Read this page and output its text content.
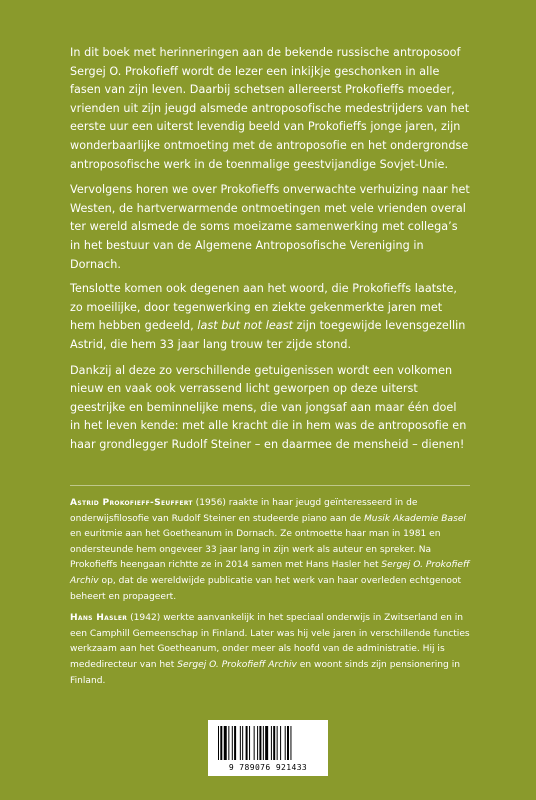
In dit boek met herinneringen aan de bekende russische antroposoof Sergej O. Prokofieff wordt de lezer een inkijkje geschonken in alle fasen van zijn leven. Daarbij schetsen allereerst Prokofieffs moeder, vrienden uit zijn jeugd alsmede antroposofische medestrijders van het eerste uur een uiterst levendig beeld van Prokofieffs jonge jaren, zijn wonderbaarlijke ontmoeting met de antroposofie en het ondergrondse antroposofische werk in de toenmalige geestvijandige Sovjet-Unie.

Vervolgens horen we over Prokofieffs onverwachte verhuizing naar het Westen, de hartverwarmende ontmoetingen met vele vrienden overal ter wereld alsmede de soms moeizame samenwerking met collega’s in het bestuur van de Algemene Antroposofische Vereniging in Dornach.

Tenslotte komen ook degenen aan het woord, die Prokofieffs laatste, zo moeilijke, door tegenwerking en ziekte gekenmerkte jaren met hem hebben gedeeld, last but not least zijn toegewijde levensgezellin Astrid, die hem 33 jaar lang trouw ter zijde stond.

Dankzij al deze zo verschillende getuigenissen wordt een volkomen nieuw en vaak ook verrassend licht geworpen op deze uiterst geestrijke en beminnelijke mens, die van jongsaf aan maar één doel in het leven kende: met alle kracht die in hem was de antroposofie en haar grondlegger Rudolf Steiner – en daarmee de mensheid – dienen!

Astrid Prokofieff-Seuffert (1956) raakte in haar jeugd geïnteresseerd in de onderwijsfilosofie van Rudolf Steiner en studeerde piano aan de Musik Akademie Basel en euritmie aan het Goetheanum in Dornach. Ze ontmoette haar man in 1981 en ondersteunde hem ongeveer 33 jaar lang in zijn werk als auteur en spreker. Na Prokofieffs heengaan richtte ze in 2014 samen met Hans Hasler het Sergej O. Prokofieff Archiv op, dat de wereldwijde publicatie van het werk van haar overleden echtgenoot beheert en propageert.

Hans Hasler (1942) werkte aanvankelijk in het speciaal onderwijs in Zwitserland en in een Camphill Gemeenschap in Finland. Later was hij vele jaren in verschillende functies werkzaam aan het Goetheanum, onder meer als hoofd van de administratie. Hij is mededirecteur van het Sergej O. Prokofieff Archiv en woont sinds zijn pensionering in Finland.

9 789076 921433
